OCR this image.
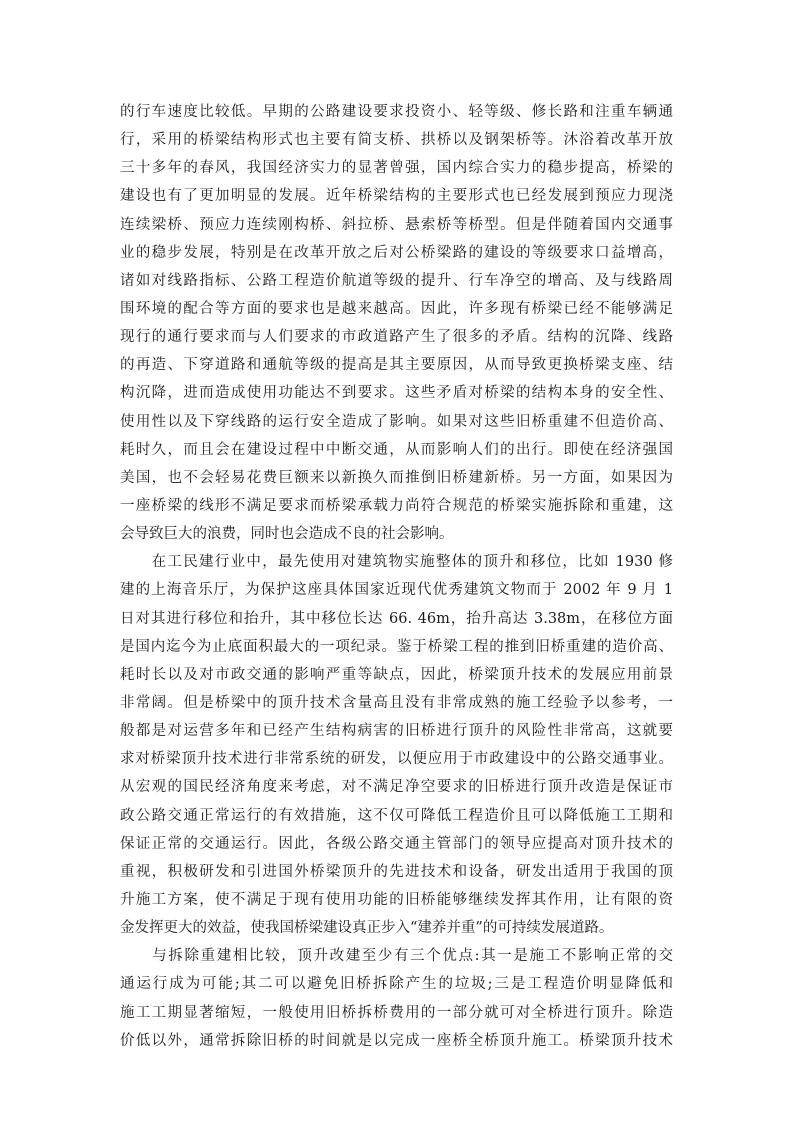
的行车速度比较低。早期的公路建设要求投资小、轻等级、修长路和注重车辆通
行，采用的桥梁结构形式也主要有简支桥、拱桥以及钢架桥等。沐浴着改革开放
三十多年的春风，我国经济实力的显著曾强，国内综合实力的稳步提高，桥梁的
建设也有了更加明显的发展。近年桥梁结构的主要形式也已经发展到预应力现浇
连续梁桥、预应力连续刚构桥、斜拉桥、悬索桥等桥型。但是伴随着国内交通事
业的稳步发展，特别是在改革开放之后对公桥梁路的建设的等级要求口益增高，
诸如对线路指标、公路工程造价航道等级的提升、行车净空的增高、及与线路周
围环境的配合等方面的要求也是越来越高。因此，许多现有桥梁已经不能够满足
现行的通行要求而与人们要求的市政道路产生了很多的矛盾。结构的沉降、线路
的再造、下穿道路和通航等级的提高是其主要原因，从而导致更换桥梁支座、结
构沉降，进而造成使用功能达不到要求。这些矛盾对桥梁的结构本身的安全性、
使用性以及下穿线路的运行安全造成了影响。如果对这些旧桥重建不但造价高、
耗时久，而且会在建设过程中中断交通，从而影响人们的出行。即使在经济强国
美国，也不会轻易花费巨额来以新换久而推倒旧桥建新桥。另一方面，如果因为
一座桥梁的线形不满足要求而桥梁承载力尚符合规范的桥梁实施拆除和重建，这
会导致巨大的浪费，同时也会造成不良的社会影响。
　　在工民建行业中，最先使用对建筑物实施整体的顶升和移位，比如 1930 修
建的上海音乐厅，为保护这座具体国家近现代优秀建筑文物而于 2002 年 9 月 1
日对其进行移位和抬升，其中移位长达 66. 46m，抬升高达 3.38m，在移位方面
是国内迄今为止底面积最大的一项纪录。鉴于桥梁工程的推到旧桥重建的造价高、
耗时长以及对市政交通的影响严重等缺点，因此，桥梁顶升技术的发展应用前景
非常阔。但是桥梁中的顶升技术含量高且没有非常成熟的施工经验予以参考，一
般都是对运营多年和已经产生结构病害的旧桥进行顶升的风险性非常高，这就要
求对桥梁顶升技术进行非常系统的研发，以便应用于市政建设中的公路交通事业。
从宏观的国民经济角度来考虑，对不满足净空要求的旧桥进行顶升改造是保证市
政公路交通正常运行的有效措施，这不仅可降低工程造价且可以降低施工工期和
保证正常的交通运行。因此，各级公路交通主管部门的领导应提高对顶升技术的
重视，积极研发和引进国外桥梁顶升的先进技术和设备，研发出适用于我国的顶
升施工方案，使不满足于现有使用功能的旧桥能够继续发挥其作用，让有限的资
金发挥更大的效益，使我国桥梁建设真正步入“建养并重”的可持续发展道路。
　　与拆除重建相比较，顶升改建至少有三个优点:其一是施工不影响正常的交
通运行成为可能;其二可以避免旧桥拆除产生的垃圾;三是工程造价明显降低和
施工工期显著缩短，一般使用旧桥拆桥费用的一部分就可对全桥进行顶升。除造
价低以外，通常拆除旧桥的时间就是以完成一座桥全桥顶升施工。桥梁顶升技术
